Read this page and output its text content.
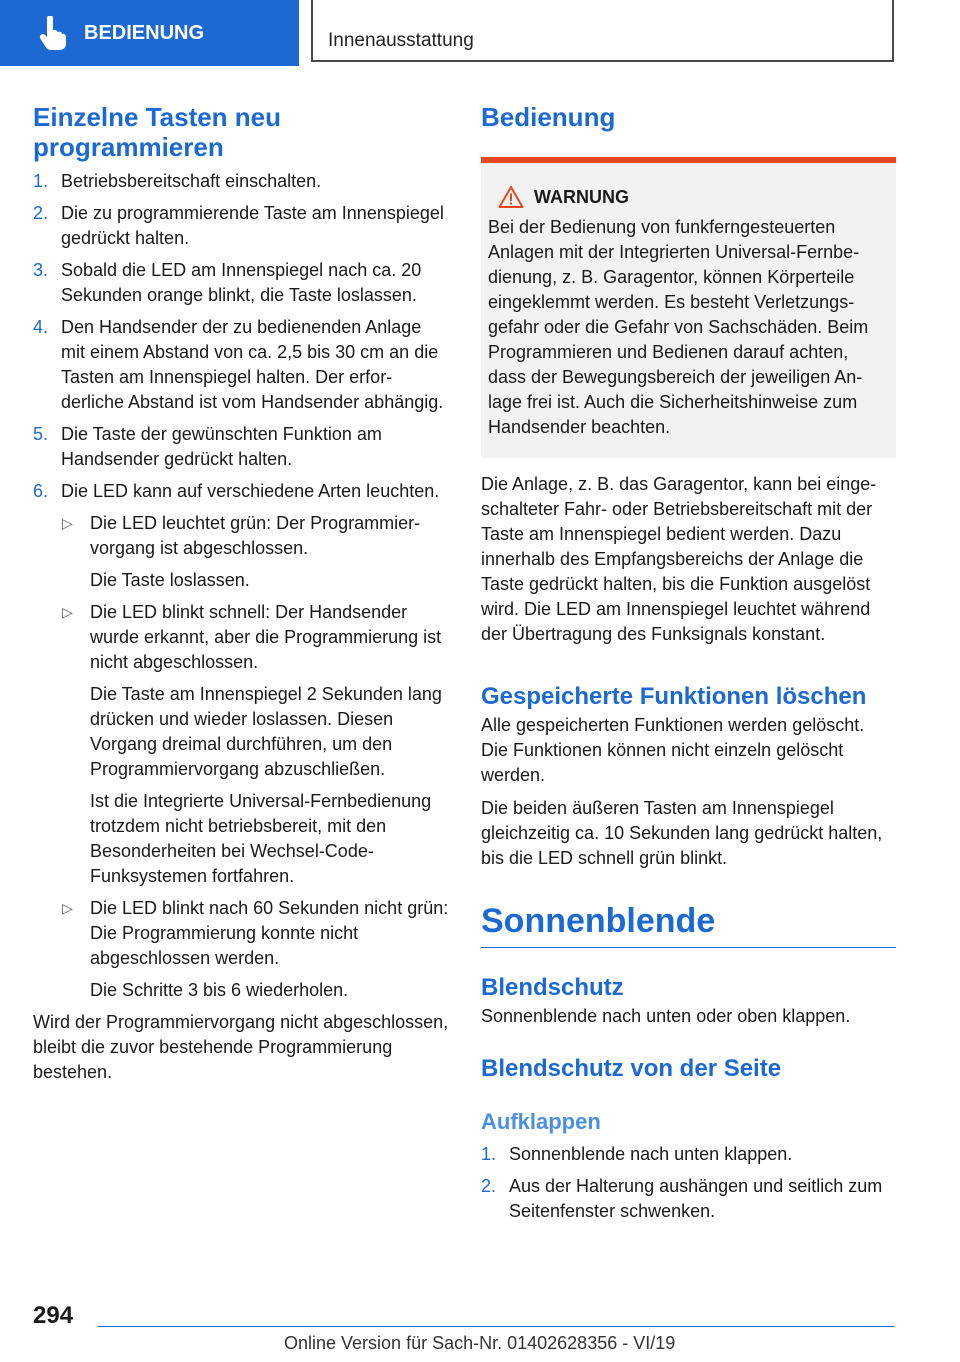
BEDIENUNG	Innenausstattung
Einzelne Tasten neu programmieren
1. Betriebsbereitschaft einschalten.
2. Die zu programmierende Taste am Innenspiegel gedrückt halten.
3. Sobald die LED am Innenspiegel nach ca. 20 Sekunden orange blinkt, die Taste loslassen.
4. Den Handsender der zu bedienenden Anlage mit einem Abstand von ca. 2,5 bis 30 cm an die Tasten am Innenspiegel halten. Der erforderliche Abstand ist vom Handsender abhängig.
5. Die Taste der gewünschten Funktion am Handsender gedrückt halten.
6. Die LED kann auf verschiedene Arten leuchten.
▷ Die LED leuchtet grün: Der Programmiervorgang ist abgeschlossen.
Die Taste loslassen.
▷ Die LED blinkt schnell: Der Handsender wurde erkannt, aber die Programmierung ist nicht abgeschlossen.
Die Taste am Innenspiegel 2 Sekunden lang drücken und wieder loslassen. Diesen Vorgang dreimal durchführen, um den Programmiervorgang abzuschließen.
Ist die Integrierte Universal-Fernbedienung trotzdem nicht betriebsbereit, mit den Besonderheiten bei Wechsel-Code-Funksystemen fortfahren.
▷ Die LED blinkt nach 60 Sekunden nicht grün: Die Programmierung konnte nicht abgeschlossen werden.
Die Schritte 3 bis 6 wiederholen.

Wird der Programmiervorgang nicht abgeschlossen, bleibt die zuvor bestehende Programmierung bestehen.

Bedienung
WARNUNG

Bei der Bedienung von funkferngesteuerten Anlagen mit der Integrierten Universal-Fernbedienung, z. B. Garagentor, können Körperteile eingeklemmt werden. Es besteht Verletzungsgefahr oder die Gefahr von Sachschäden. Beim Programmieren und Bedienen darauf achten, dass der Bewegungsbereich der jeweiligen Anlage frei ist. Auch die Sicherheitshinweise zum Handsender beachten.

Die Anlage, z. B. das Garagentor, kann bei eingeschalteter Fahr- oder Betriebsbereitschaft mit der Taste am Innenspiegel bedient werden. Dazu innerhalb des Empfangsbereichs der Anlage die Taste gedrückt halten, bis die Funktion ausgelöst wird. Die LED am Innenspiegel leuchtet während der Übertragung des Funksignals konstant.

Gespeicherte Funktionen löschen

Alle gespeicherten Funktionen werden gelöscht. Die Funktionen können nicht einzeln gelöscht werden.

Die beiden äußeren Tasten am Innenspiegel gleichzeitig ca. 10 Sekunden lang gedrückt halten, bis die LED schnell grün blinkt.

Sonnenblende
Blendschutz

Sonnenblende nach unten oder oben klappen.

Blendschutz von der Seite
Aufklappen
1. Sonnenblende nach unten klappen.
2. Aus der Halterung aushängen und seitlich zum Seitenfenster schwenken.
294
Online Version für Sach-Nr. 01402628356 - VI/19
